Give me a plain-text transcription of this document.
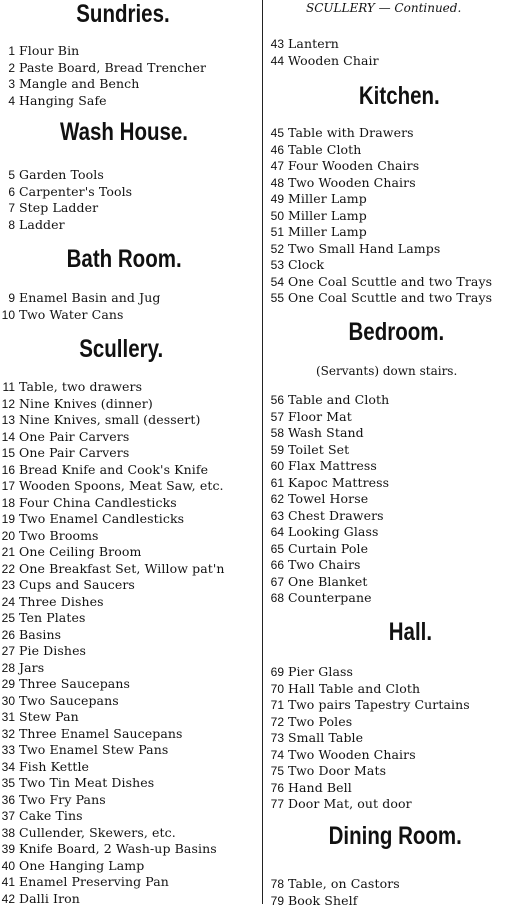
Sundries.
1 Flour Bin
2 Paste Board, Bread Trencher
3 Mangle and Bench
4 Hanging Safe
Wash House.
5 Garden Tools
6 Carpenter's Tools
7 Step Ladder
8 Ladder
Bath Room.
9 Enamel Basin and Jug
10 Two Water Cans
Scullery.
11 Table, two drawers
12 Nine Knives (dinner)
13 Nine Knives, small (dessert)
14 One Pair Carvers
15 One Pair Carvers
16 Bread Knife and Cook's Knife
17 Wooden Spoons, Meat Saw, etc.
18 Four China Candlesticks
19 Two Enamel Candlesticks
20 Two Brooms
21 One Ceiling Broom
22 One Breakfast Set, Willow pat'n
23 Cups and Saucers
24 Three Dishes
25 Ten Plates
26 Basins
27 Pie Dishes
28 Jars
29 Three Saucepans
30 Two Saucepans
31 Stew Pan
32 Three Enamel Saucepans
33 Two Enamel Stew Pans
34 Fish Kettle
35 Two Tin Meat Dishes
36 Two Fry Pans
37 Cake Tins
38 Cullender, Skewers, etc.
39 Knife Board, 2 Wash-up Basins
40 One Hanging Lamp
41 Enamel Preserving Pan
42 Dalli Iron
SCULLERY — Continued.
43 Lantern
44 Wooden Chair
Kitchen.
45 Table with Drawers
46 Table Cloth
47 Four Wooden Chairs
48 Two Wooden Chairs
49 Miller Lamp
50 Miller Lamp
51 Miller Lamp
52 Two Small Hand Lamps
53 Clock
54 One Coal Scuttle and two Trays
55 One Coal Scuttle and two Trays
Bedroom.
(Servants) down stairs.
56 Table and Cloth
57 Floor Mat
58 Wash Stand
59 Toilet Set
60 Flax Mattress
61 Kapoc Mattress
62 Towel Horse
63 Chest Drawers
64 Looking Glass
65 Curtain Pole
66 Two Chairs
67 One Blanket
68 Counterpane
Hall.
69 Pier Glass
70 Hall Table and Cloth
71 Two pairs Tapestry Curtains
72 Two Poles
73 Small Table
74 Two Wooden Chairs
75 Two Door Mats
76 Hand Bell
77 Door Mat, out door
Dining Room.
78 Table, on Castors
79 Book Shelf
